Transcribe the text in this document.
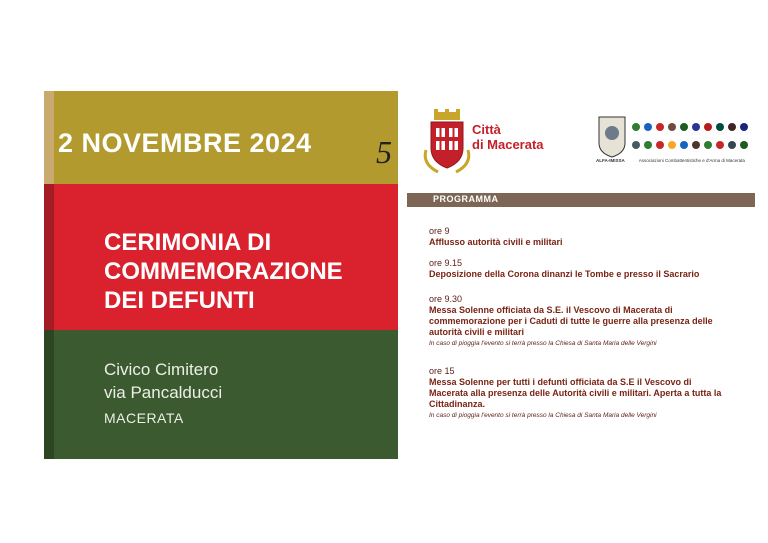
2 NOVEMBRE 2024 5
CERIMONIA DI
COMMEMORAZIONE
DEI DEFUNTI
Civico Cimitero
via Pancalducci
MACERATA
Città
di Macerata
ALFA-IMISSA	Associazioni Combattentistiche e d'Arma di Macerata
PROGRAMMA
ore 9
Afflusso autorità civili e militari
ore 9.15
Deposizione della Corona dinanzi le Tombe e presso il Sacrario
ore 9.30
Messa Solenne officiata da S.E. il Vescovo di Macerata di commemorazione per i Caduti di tutte le guerre alla presenza delle autorità civili e militari
In caso di pioggia l'evento si terrà presso la Chiesa di Santa Maria delle Vergini
ore 15
Messa Solenne per tutti i defunti officiata da S.E il Vescovo di Macerata alla presenza delle Autorità civili e militari. Aperta a tutta la Cittadinanza.
In caso di pioggia l'evento si terrà presso la Chiesa di Santa Maria delle Vergini
